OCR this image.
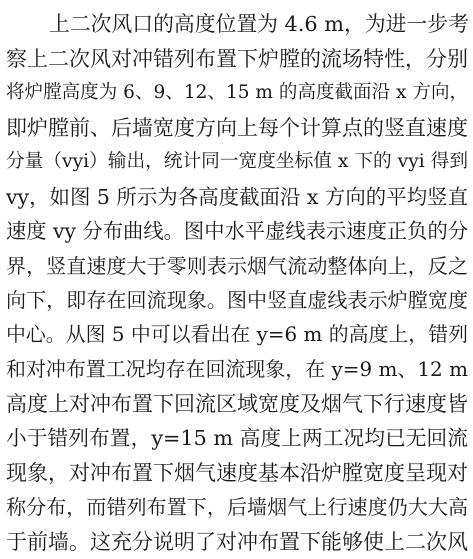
上二次风口的高度位置为 4.6 m，为进一步考
察上二次风对冲错列布置下炉膛的流场特性，分别
将炉膛高度为 6、9、12、15 m 的高度截面沿 x 方向，
即炉膛前、后墙宽度方向上每个计算点的竖直速度
分量（vyi）输出，统计同一宽度坐标值 x 下的 vyi 得到
vy，如图 5 所示为各高度截面沿 x 方向的平均竖直
速度 vy 分布曲线。图中水平虚线表示速度正负的分
界，竖直速度大于零则表示烟气流动整体向上，反之
向下，即存在回流现象。图中竖直虚线表示炉膛宽度
中心。从图 5 中可以看出在 y=6 m 的高度上，错列
和对冲布置工况均存在回流现象，在 y=9 m、12 m
高度上对冲布置下回流区域宽度及烟气下行速度皆
小于错列布置，y=15 m 高度上两工况均已无回流
现象，对冲布置下烟气速度基本沿炉膛宽度呈现对
称分布，而错列布置下，后墙烟气上行速度仍大大高
于前墙。这充分说明了对冲布置下能够使上二次风
